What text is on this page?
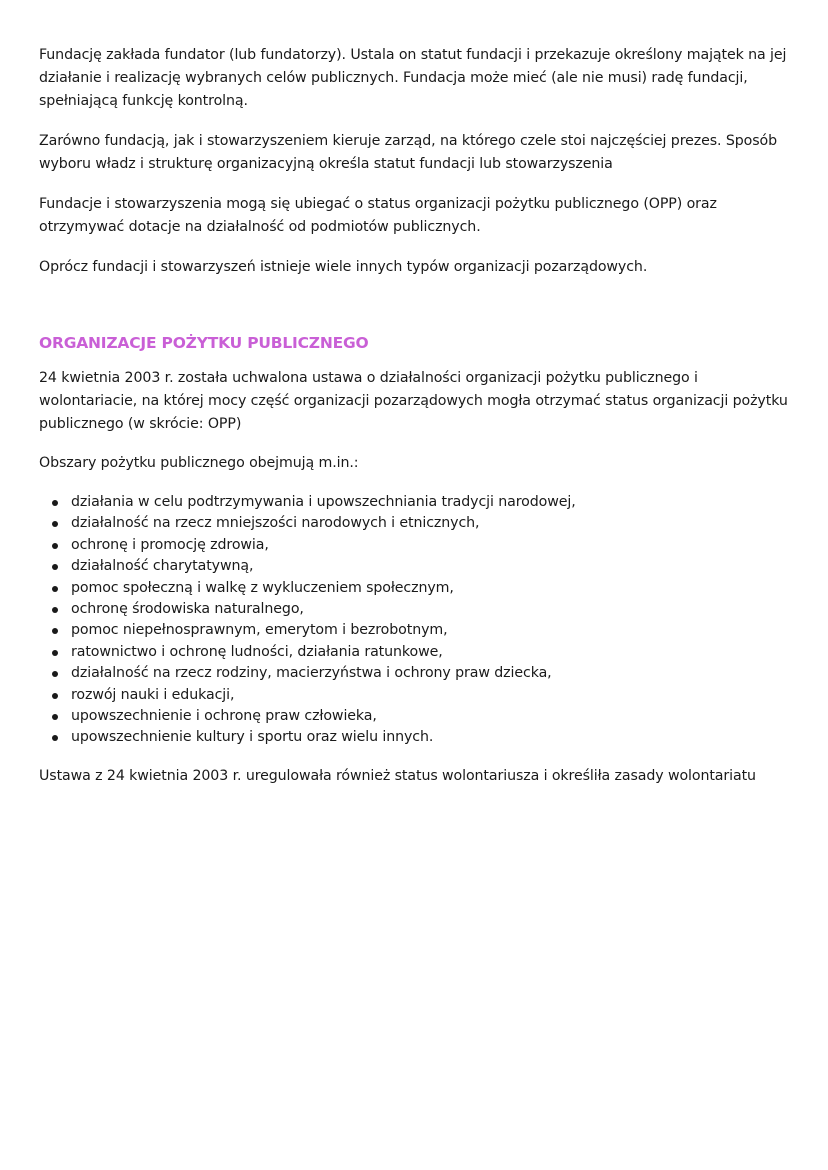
Fundację zakłada fundator (lub fundatorzy). Ustala on statut fundacji i przekazuje określony majątek na jej działanie i realizację wybranych celów publicznych. Fundacja może mieć (ale nie musi) radę fundacji, spełniającą funkcję kontrolną.

Zarówno fundacją, jak i stowarzyszeniem kieruje zarząd, na którego czele stoi najczęściej prezes. Sposób wyboru władz i strukturę organizacyjną określa statut fundacji lub stowarzyszenia

Fundacje i stowarzyszenia mogą się ubiegać o status organizacji pożytku publicznego (OPP) oraz otrzymywać dotacje na działalność od podmiotów publicznych.

Oprócz fundacji i stowarzyszeń istnieje wiele innych typów organizacji pozarządowych.

ORGANIZACJE POŻYTKU PUBLICZNEGO

24 kwietnia 2003 r. została uchwalona ustawa o działalności organizacji pożytku publicznego i wolontariacie, na której mocy część organizacji pozarządowych mogła otrzymać status organizacji pożytku publicznego (w skrócie: OPP)

Obszary pożytku publicznego obejmują m.in.:

działania w celu podtrzymywania i upowszechniania tradycji narodowej,
działalność na rzecz mniejszości narodowych i etnicznych,
ochronę i promocję zdrowia,
działalność charytatywną,
pomoc społeczną i walkę z wykluczeniem społecznym,
ochronę środowiska naturalnego,
pomoc niepełnosprawnym, emerytom i bezrobotnym,
ratownictwo i ochronę ludności, działania ratunkowe,
działalność na rzecz rodziny, macierzyństwa i ochrony praw dziecka,
rozwój nauki i edukacji,
upowszechnienie i ochronę praw człowieka,
upowszechnienie kultury i sportu oraz wielu innych.

Ustawa z 24 kwietnia 2003 r. uregulowała również status wolontariusza i określiła zasady wolontariatu
